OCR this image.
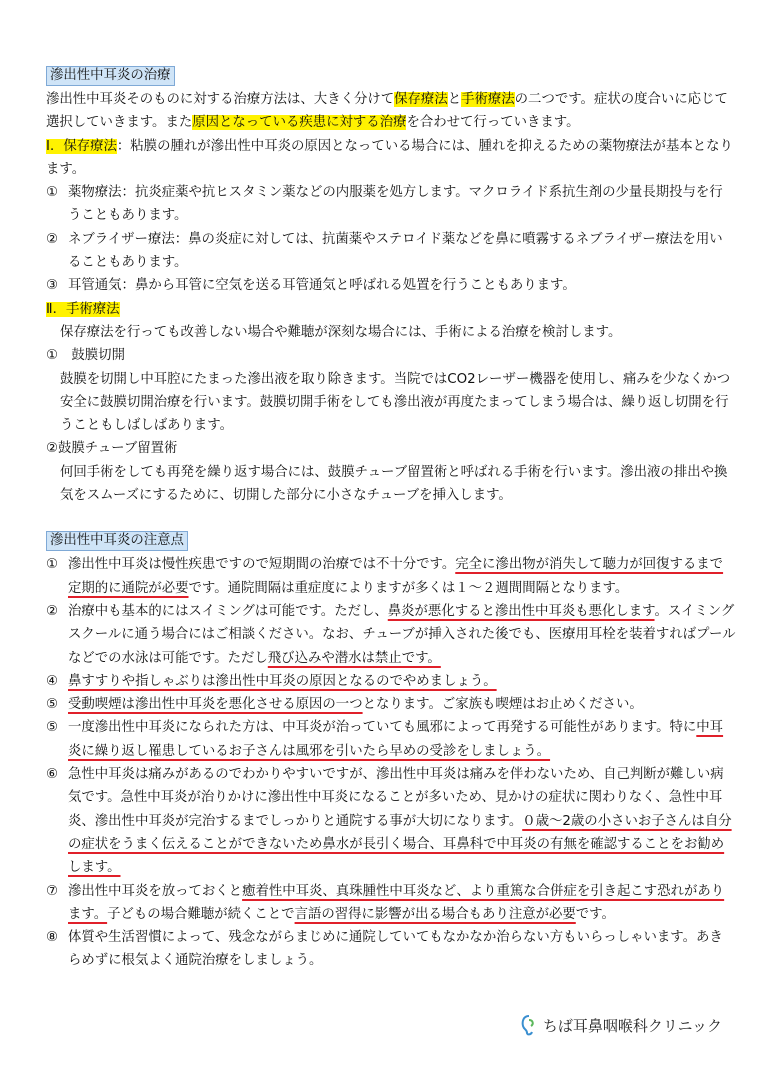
滲出性中耳炎の治療

滲出性中耳炎そのものに対する治療方法は、大きく分けて保存療法と手術療法の二つです。症状の度合いに応じて選択していきます。また原因となっている疾患に対する治療を合わせて行っていきます。

Ⅰ．保存療法：粘膜の腫れが滲出性中耳炎の原因となっている場合には、腫れを抑えるための薬物療法が基本となります。

① 薬物療法：抗炎症薬や抗ヒスタミン薬などの内服薬を処方します。マクロライド系抗生剤の少量長期投与を行うこともあります。
② ネブライザー療法：鼻の炎症に対しては、抗菌薬やステロイド薬などを鼻に噴霧するネブライザー療法を用いることもあります。
③ 耳管通気：鼻から耳管に空気を送る耳管通気と呼ばれる処置を行うこともあります。

Ⅱ．手術療法

保存療法を行っても改善しない場合や難聴が深刻な場合には、手術による治療を検討します。

①　鼓膜切開

鼓膜を切開し中耳腔にたまった滲出液を取り除きます。当院ではCO2レーザー機器を使用し、痛みを少なくかつ安全に鼓膜切開治療を行います。鼓膜切開手術をしても滲出液が再度たまってしまう場合は、繰り返し切開を行うこともしばしばあります。

②鼓膜チューブ留置術

何回手術をしても再発を繰り返す場合には、鼓膜チューブ留置術と呼ばれる手術を行います。滲出液の排出や換気をスムーズにするために、切開した部分に小さなチューブを挿入します。

滲出性中耳炎の注意点
① 滲出性中耳炎は慢性疾患ですので短期間の治療では不十分です。完全に滲出物が消失して聴力が回復するまで定期的に通院が必要です。通院間隔は重症度によりますが多くは１～２週間間隔となります。
② 治療中も基本的にはスイミングは可能です。ただし、鼻炎が悪化すると滲出性中耳炎も悪化します。スイミングスクールに通う場合にはご相談ください。なお、チューブが挿入された後でも、医療用耳栓を装着すればプールなどでの水泳は可能です。ただし飛び込みや潜水は禁止です。
④ 鼻すすりや指しゃぶりは滲出性中耳炎の原因となるのでやめましょう。
⑤ 受動喫煙は滲出性中耳炎を悪化させる原因の一つとなります。ご家族も喫煙はお止めください。
⑤ 一度滲出性中耳炎になられた方は、中耳炎が治っていても風邪によって再発する可能性があります。特に中耳炎に繰り返し罹患しているお子さんは風邪を引いたら早めの受診をしましょう。
⑥ 急性中耳炎は痛みがあるのでわかりやすいですが、滲出性中耳炎は痛みを伴わないため、自己判断が難しい病気です。急性中耳炎が治りかけに滲出性中耳炎になることが多いため、見かけの症状に関わりなく、急性中耳炎、滲出性中耳炎が完治するまでしっかりと通院する事が大切になります。０歳～2歳の小さいお子さんは自分の症状をうまく伝えることができないため鼻水が長引く場合、耳鼻科で中耳炎の有無を確認することをお勧めします。
⑦ 滲出性中耳炎を放っておくと癒着性中耳炎、真珠腫性中耳炎など、より重篤な合併症を引き起こす恐れがあります。子どもの場合難聴が続くことで言語の習得に影響が出る場合もあり注意が必要です。
⑧ 体質や生活習慣によって、残念ながらまじめに通院していてもなかなか治らない方もいらっしゃいます。あきらめずに根気よく通院治療をしましょう。
ちば耳鼻咽喉科クリニック
